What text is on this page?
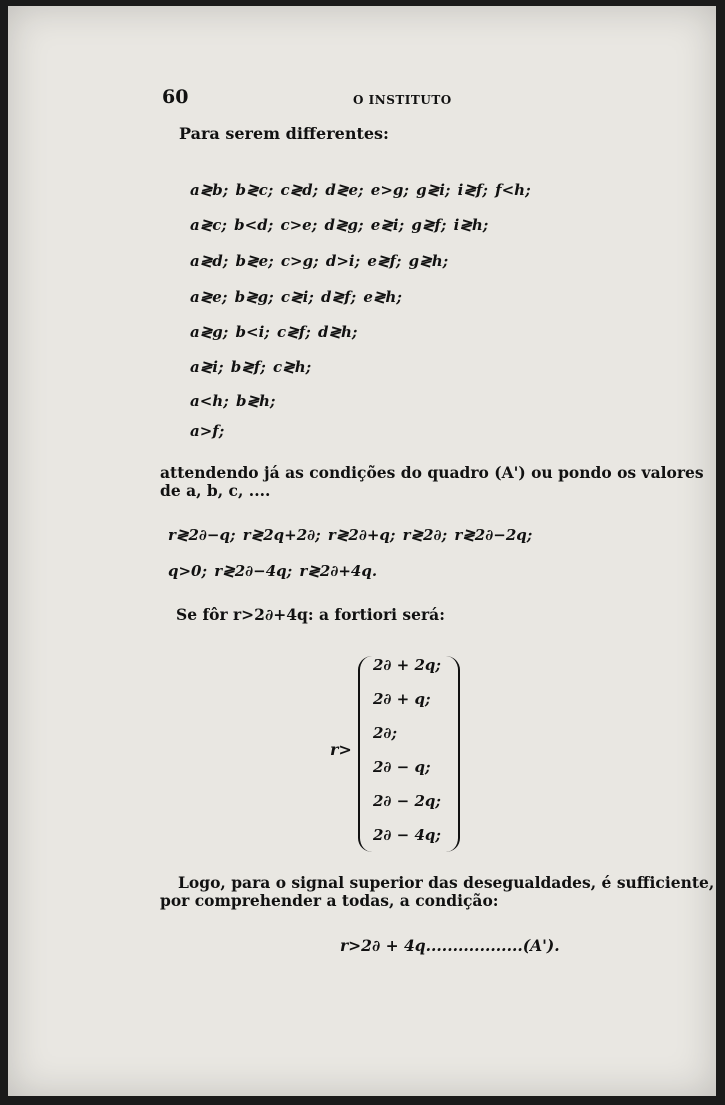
60	O INSTITUTO
Para serem differentes:
a≷b; b≷c; c≷d; d≷e; e>g; g≷i; i≷f; f<h;
a≷c; b<d; c>e; d≷g; e≷i; g≷f; i≷h;
a≷d; b≷e; c>g; d>i; e≷f; g≷h;
a≷e; b≷g; c≷i; d≷f; e≷h;
a≷g; b<i; c≷f; d≷h;
a≷i; b≷f; c≷h;
a<h; b≷h;
a>f;
attendendo já as condições do quadro (A') ou pondo os valores
de a, b, c, ....
r≷2∂−q; r≷2q+2∂; r≷2∂+q; r≷2∂; r≷2∂−2q;
q>0; r≷2∂−4q; r≷2∂+4q.
Se fôr r>2∂+4q: a fortiori será:
r>
2∂ + 2q;
2∂ + q;
2∂;
2∂ − q;
2∂ − 2q;
2∂ − 4q;
Logo, para o signal superior das desegualdades, é sufficiente,
por comprehender a todas, a condição:
r>2∂ + 4q..................(A').
